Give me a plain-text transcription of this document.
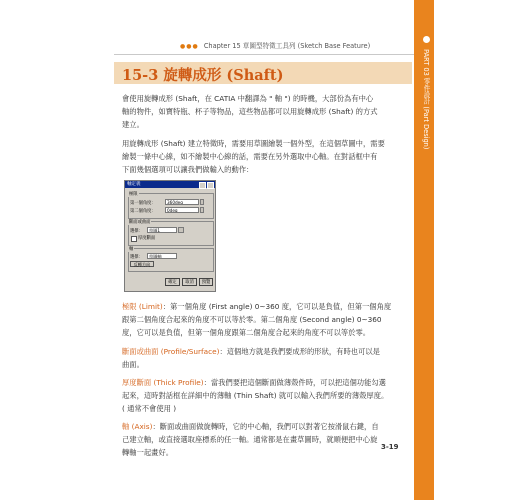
●●● Chapter 15 草圖型特徵工具列 (Sketch Base Feature)
PART 03 零件設計 (Part Design)
15-3 旋轉成形 (Shaft)
會使用旋轉成形 (Shaft，在 CATIA 中翻譯為 " 軸 ") 的時機，大部份為有中心
軸的物件，如寶特瓶、杯子等物品，這些物品都可以用旋轉成形 (Shaft) 的方式
建立。
用旋轉成形 (Shaft) 建立特徵時，需要用草圖繪製一個外型，在這個草圖中，需要
繪製一條中心線，如不繪製中心線的話，需要在另外選取中心軸。在對話框中有
下面幾個選項可以讓我們做輸入的動作：
軸定義
極限
第一個角度：	360deg
第二個角度：	0deg
斷面或曲面
選擇：	草圖1
厚度斷面
軸
選擇：	草圖軸
反轉方向
確定	取消	預覽
極限 (Limit)：第一個角度 (First angle) 0~360 度，它可以是負值，但第一個角度
跟第二個角度合起來的角度不可以等於零。第二個角度 (Second angle) 0~360
度，它可以是負值，但第一個角度跟第二個角度合起來的角度不可以等於零。
斷面或曲面 (Profile/Surface)：這個地方就是我們要成形的形狀，有時也可以是
曲面。
厚度斷面 (Thick Profile)：當我們要把這個斷面做薄殼件時，可以把這個功能勾選
起來，這時對話框在詳細中的薄軸 (Thin Shaft) 就可以輸入我們所要的薄殼厚度。
( 通常不會使用 )
軸 (Axis)：斷面或曲面做旋轉時，它的中心軸，我們可以對著它按滑鼠右鍵，自
己建立軸，或直接選取座標系的任一軸。通常都是在畫草圖時，就順便把中心旋
轉軸一起畫好。
3-19
